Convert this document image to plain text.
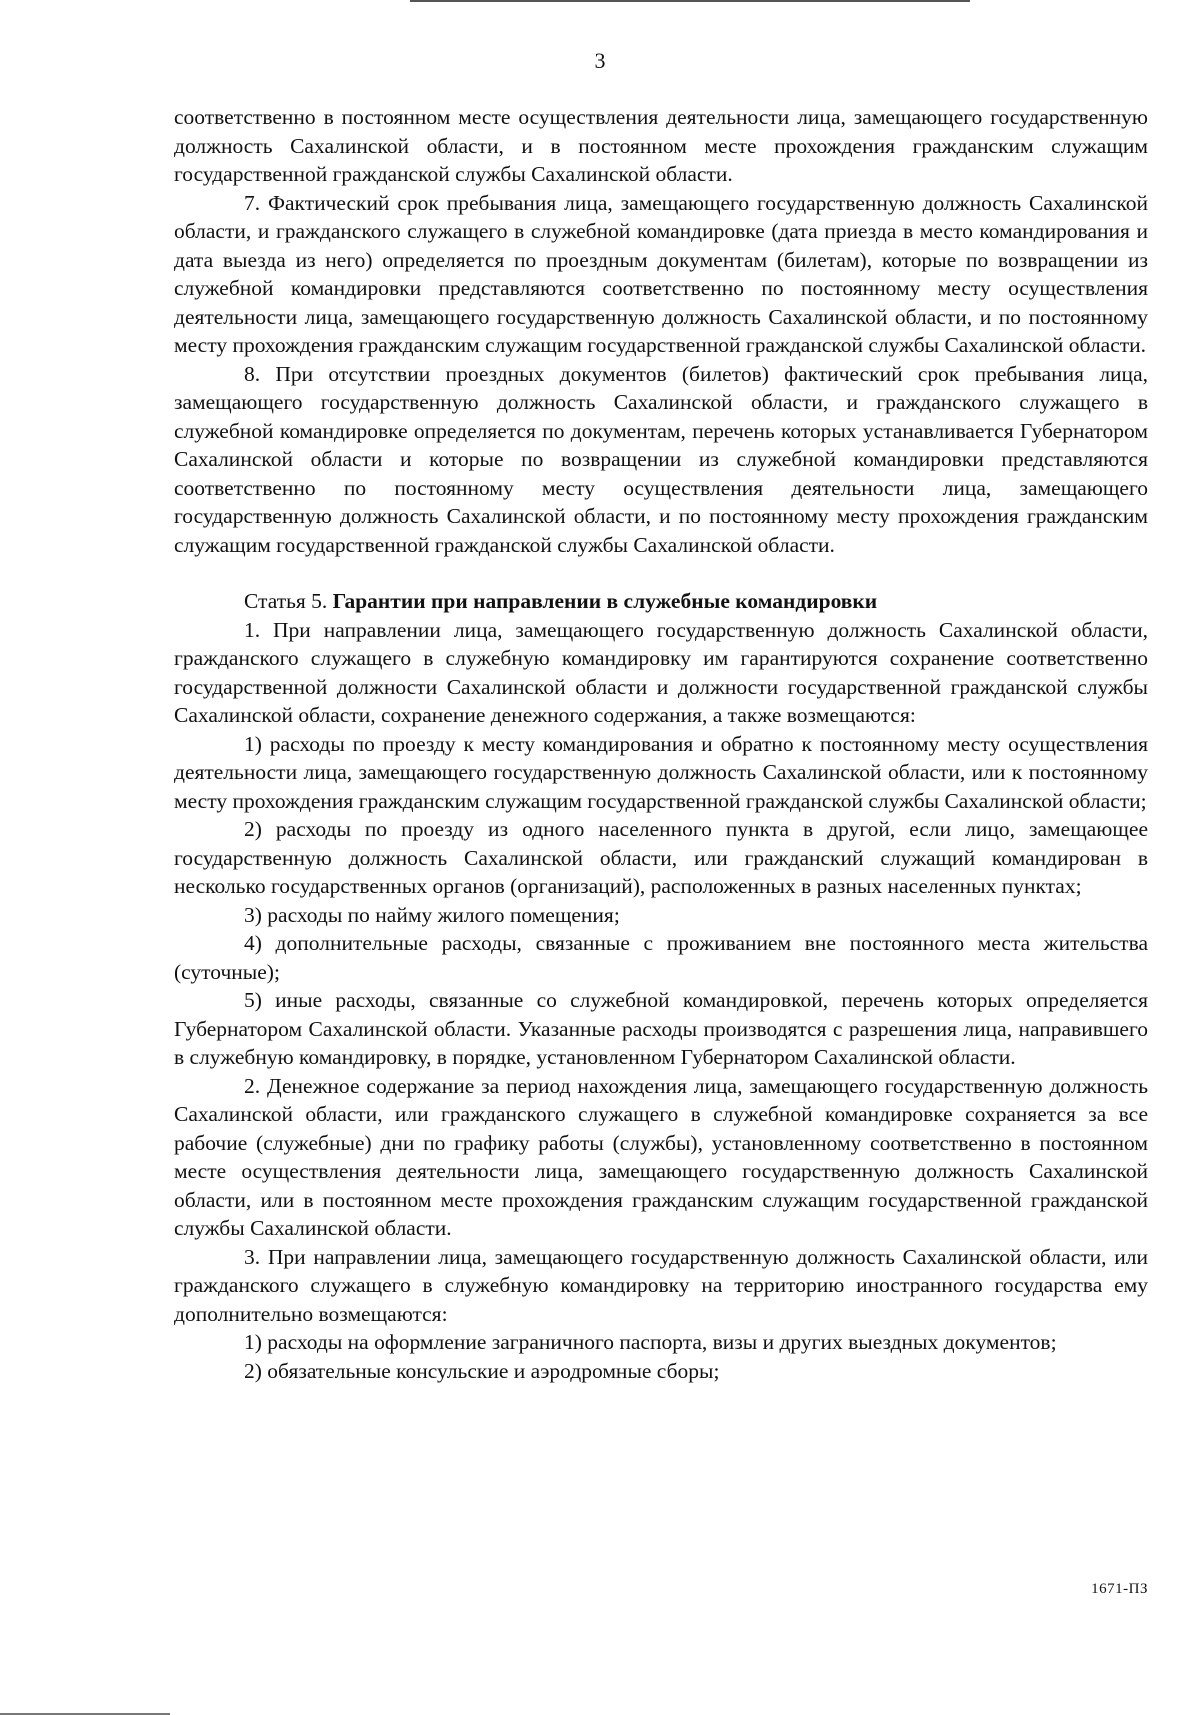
3

соответственно в постоянном месте осуществления деятельности лица, замещающего государственную должность Сахалинской области, и в постоянном месте прохождения гражданским служащим государственной гражданской службы Сахалинской области.

7. Фактический срок пребывания лица, замещающего государственную должность Сахалинской области, и гражданского служащего в служебной командировке (дата приезда в место командирования и дата выезда из него) определяется по проездным документам (билетам), которые по возвращении из служебной командировки представляются соответственно по постоянному месту осуществления деятельности лица, замещающего государственную должность Сахалинской области, и по постоянному месту прохождения гражданским служащим государственной гражданской службы Сахалинской области.

8. При отсутствии проездных документов (билетов) фактический срок пребывания лица, замещающего государственную должность Сахалинской области, и гражданского служащего в служебной командировке определяется по документам, перечень которых устанавливается Губернатором Сахалинской области и которые по возвращении из служебной командировки представляются соответственно по постоянному месту осуществления деятельности лица, замещающего государственную должность Сахалинской области, и по постоянному месту прохождения гражданским служащим государственной гражданской службы Сахалинской области.

Статья 5. Гарантии при направлении в служебные командировки

1. При направлении лица, замещающего государственную должность Сахалинской области, гражданского служащего в служебную командировку им гарантируются сохранение соответственно государственной должности Сахалинской области и должности государственной гражданской службы Сахалинской области, сохранение денежного содержания, а также возмещаются:

1) расходы по проезду к месту командирования и обратно к постоянному месту осуществления деятельности лица, замещающего государственную должность Сахалинской области, или к постоянному месту прохождения гражданским служащим государственной гражданской службы Сахалинской области;

2) расходы по проезду из одного населенного пункта в другой, если лицо, замещающее государственную должность Сахалинской области, или гражданский служащий командирован в несколько государственных органов (организаций), расположенных в разных населенных пунктах;

3) расходы по найму жилого помещения;

4) дополнительные расходы, связанные с проживанием вне постоянного места жительства (суточные);

5) иные расходы, связанные со служебной командировкой, перечень которых определяется Губернатором Сахалинской области. Указанные расходы производятся с разрешения лица, направившего в служебную командировку, в порядке, установленном Губернатором Сахалинской области.

2. Денежное содержание за период нахождения лица, замещающего государственную должность Сахалинской области, или гражданского служащего в служебной командировке сохраняется за все рабочие (служебные) дни по графику работы (службы), установленному соответственно в постоянном месте осуществления деятельности лица, замещающего государственную должность Сахалинской области, или в постоянном месте прохождения гражданским служащим государственной гражданской службы Сахалинской области.

3. При направлении лица, замещающего государственную должность Сахалинской области, или гражданского служащего в служебную командировку на территорию иностранного государства ему дополнительно возмещаются:

1) расходы на оформление заграничного паспорта, визы и других выездных документов;

2) обязательные консульские и аэродромные сборы;

1671-ПЗ
